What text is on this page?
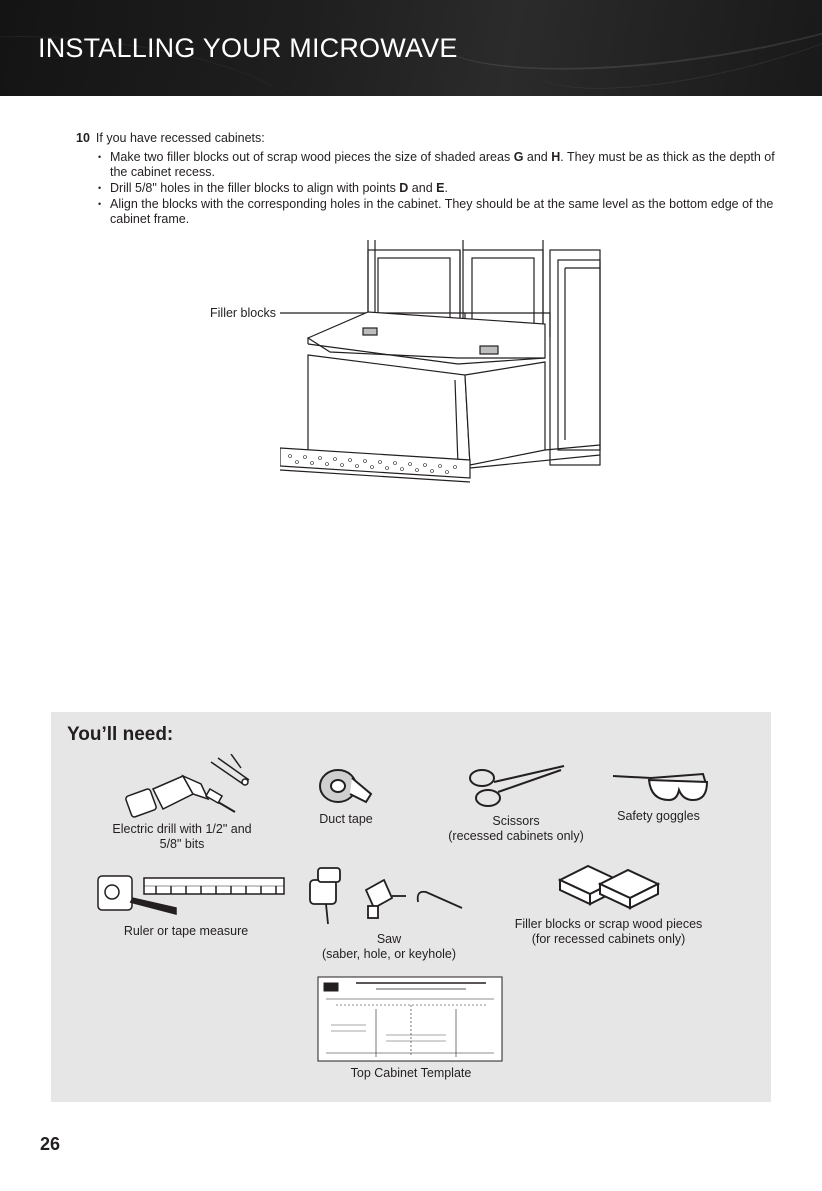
INSTALLING YOUR MICROWAVE
10 If you have recessed cabinets:
• Make two filler blocks out of scrap wood pieces the size of shaded areas G and H. They must be as thick as the depth of the cabinet recess.
• Drill 5/8" holes in the filler blocks to align with points D and E.
• Align the blocks with the corresponding holes in the cabinet. They should be at the same level as the bottom edge of the cabinet frame.
Filler blocks
You’ll need:
Electric drill with 1/2" and 5/8" bits
Duct tape	Scissors
(recessed cabinets only)
Safety goggles
Ruler or tape measure
Saw
(saber, hole, or keyhole)
Filler blocks or scrap wood pieces
(for recessed cabinets only)
Top Cabinet Template
26
